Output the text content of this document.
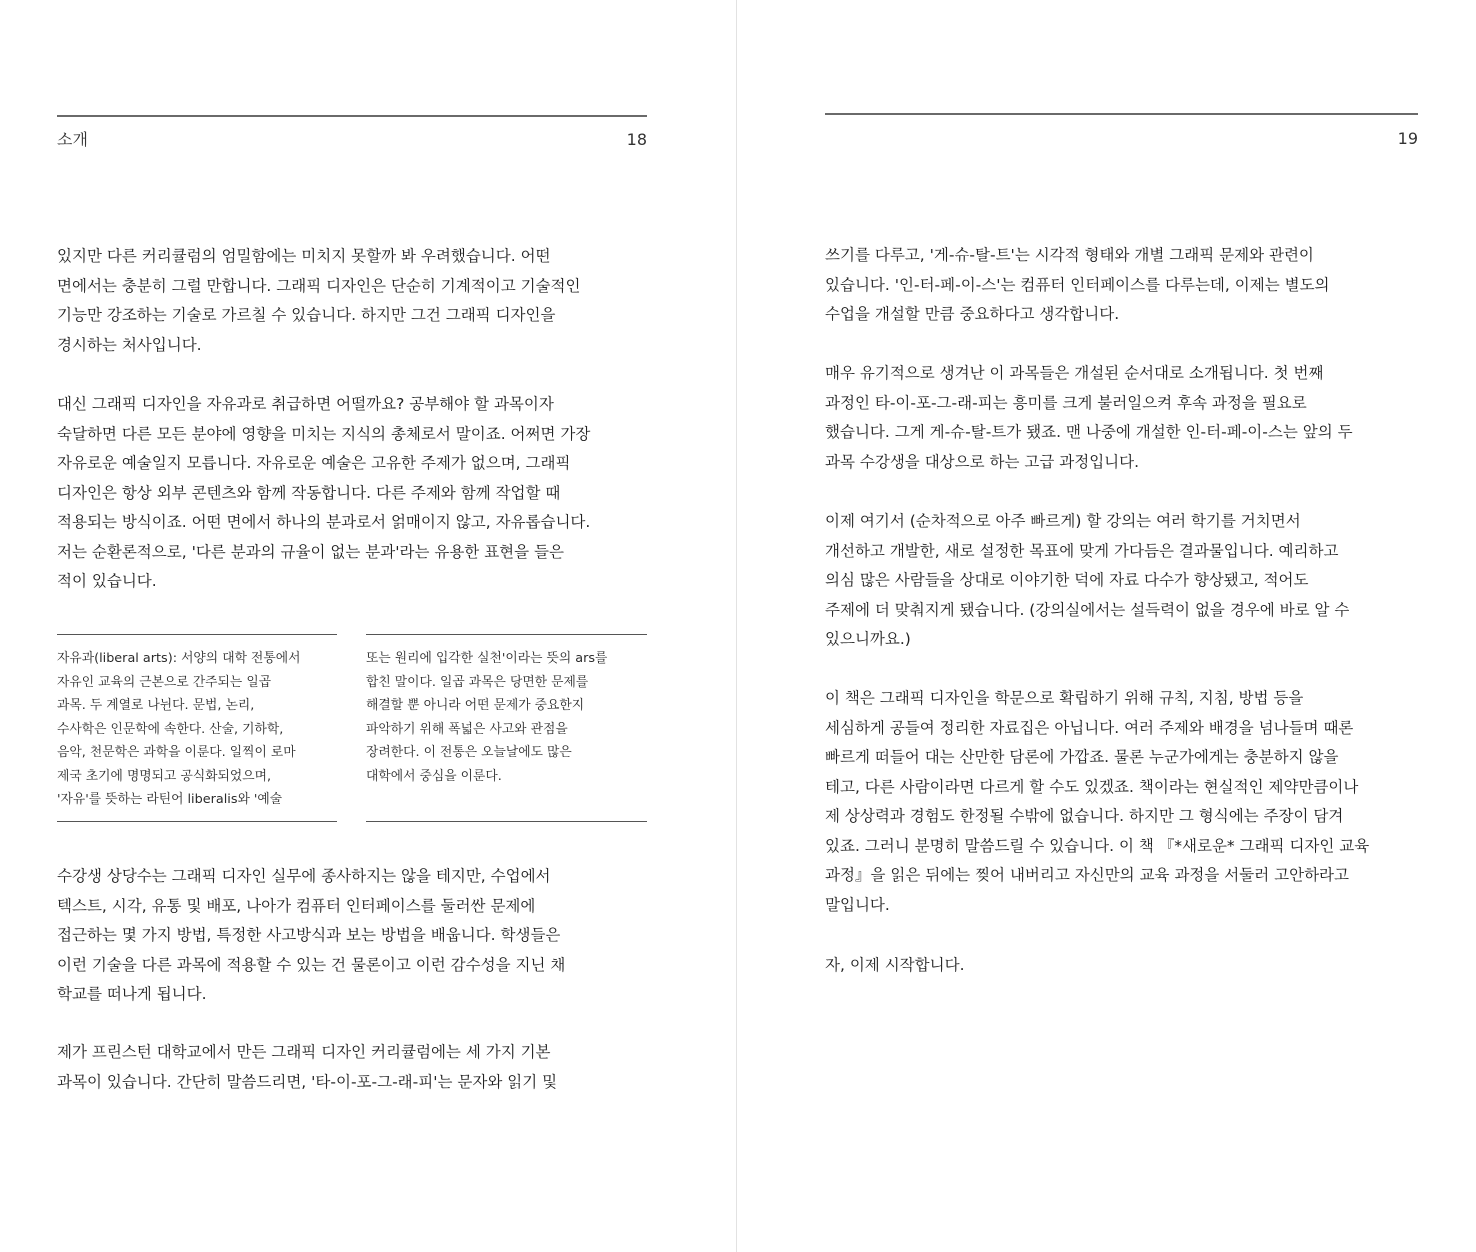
소개	18

있지만 다른 커리큘럼의 엄밀함에는 미치지 못할까 봐 우려했습니다. 어떤
면에서는 충분히 그럴 만합니다. 그래픽 디자인은 단순히 기계적이고 기술적인
기능만 강조하는 기술로 가르칠 수 있습니다. 하지만 그건 그래픽 디자인을
경시하는 처사입니다.

대신 그래픽 디자인을 자유과로 취급하면 어떨까요? 공부해야 할 과목이자
숙달하면 다른 모든 분야에 영향을 미치는 지식의 총체로서 말이죠. 어쩌면 가장
자유로운 예술일지 모릅니다. 자유로운 예술은 고유한 주제가 없으며, 그래픽
디자인은 항상 외부 콘텐츠와 함께 작동합니다. 다른 주제와 함께 작업할 때
적용되는 방식이죠. 어떤 면에서 하나의 분과로서 얽매이지 않고, 자유롭습니다.
저는 순환론적으로, '다른 분과의 규율이 없는 분과'라는 유용한 표현을 들은
적이 있습니다.

자유과(liberal arts): 서양의 대학 전통에서
자유인 교육의 근본으로 간주되는 일곱
과목. 두 계열로 나뉜다. 문법, 논리,
수사학은 인문학에 속한다. 산술, 기하학,
음악, 천문학은 과학을 이룬다. 일찍이 로마
제국 초기에 명명되고 공식화되었으며,
'자유'를 뜻하는 라틴어 liberalis와 '예술
또는 원리에 입각한 실천'이라는 뜻의 ars를
합친 말이다. 일곱 과목은 당면한 문제를
해결할 뿐 아니라 어떤 문제가 중요한지
파악하기 위해 폭넓은 사고와 관점을
장려한다. 이 전통은 오늘날에도 많은
대학에서 중심을 이룬다.

수강생 상당수는 그래픽 디자인 실무에 종사하지는 않을 테지만, 수업에서
텍스트, 시각, 유통 및 배포, 나아가 컴퓨터 인터페이스를 둘러싼 문제에
접근하는 몇 가지 방법, 특정한 사고방식과 보는 방법을 배웁니다. 학생들은
이런 기술을 다른 과목에 적용할 수 있는 건 물론이고 이런 감수성을 지닌 채
학교를 떠나게 됩니다.

제가 프린스턴 대학교에서 만든 그래픽 디자인 커리큘럼에는 세 가지 기본
과목이 있습니다. 간단히 말씀드리면, '타-이-포-그-래-피'는 문자와 읽기 및

19

쓰기를 다루고, '게-슈-탈-트'는 시각적 형태와 개별 그래픽 문제와 관련이
있습니다. '인-터-페-이-스'는 컴퓨터 인터페이스를 다루는데, 이제는 별도의
수업을 개설할 만큼 중요하다고 생각합니다.

매우 유기적으로 생겨난 이 과목들은 개설된 순서대로 소개됩니다. 첫 번째
과정인 타-이-포-그-래-피는 흥미를 크게 불러일으켜 후속 과정을 필요로
했습니다. 그게 게-슈-탈-트가 됐죠. 맨 나중에 개설한 인-터-페-이-스는 앞의 두
과목 수강생을 대상으로 하는 고급 과정입니다.

이제 여기서 (순차적으로 아주 빠르게) 할 강의는 여러 학기를 거치면서
개선하고 개발한, 새로 설정한 목표에 맞게 가다듬은 결과물입니다. 예리하고
의심 많은 사람들을 상대로 이야기한 덕에 자료 다수가 향상됐고, 적어도
주제에 더 맞춰지게 됐습니다. (강의실에서는 설득력이 없을 경우에 바로 알 수
있으니까요.)

이 책은 그래픽 디자인을 학문으로 확립하기 위해 규칙, 지침, 방법 등을
세심하게 공들여 정리한 자료집은 아닙니다. 여러 주제와 배경을 넘나들며 때론
빠르게 떠들어 대는 산만한 담론에 가깝죠. 물론 누군가에게는 충분하지 않을
테고, 다른 사람이라면 다르게 할 수도 있겠죠. 책이라는 현실적인 제약만큼이나
제 상상력과 경험도 한정될 수밖에 없습니다. 하지만 그 형식에는 주장이 담겨
있죠. 그러니 분명히 말씀드릴 수 있습니다. 이 책 『*새로운* 그래픽 디자인 교육
과정』을 읽은 뒤에는 찢어 내버리고 자신만의 교육 과정을 서둘러 고안하라고
말입니다.

자, 이제 시작합니다.
